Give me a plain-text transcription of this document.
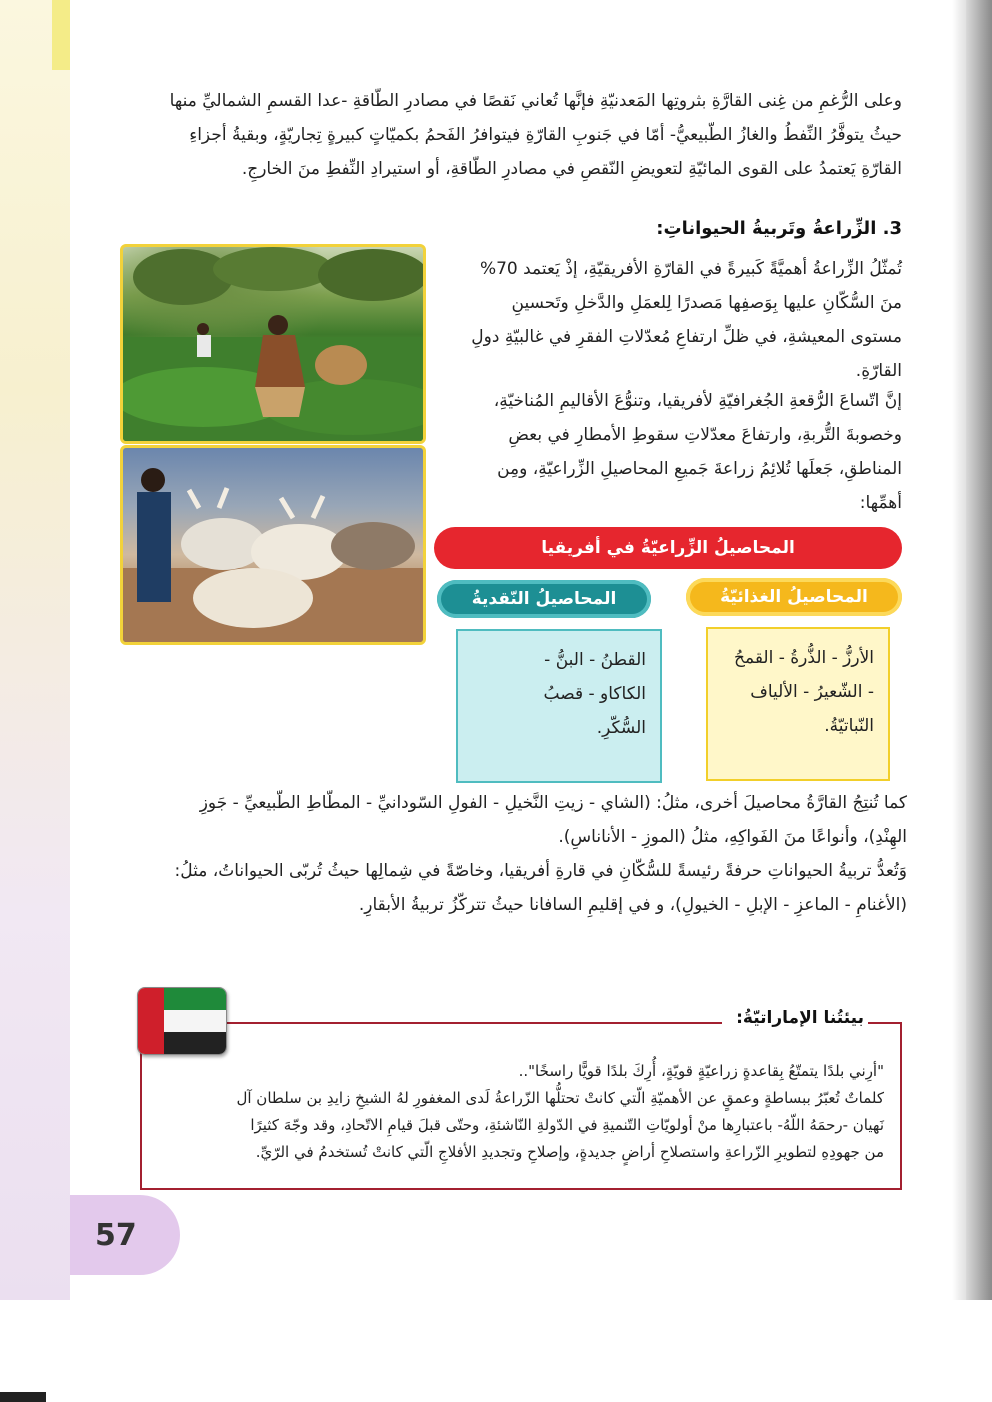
وعلى الرُّغمِ من غِنى القارَّةِ بثروتِها المَعدنيّةِ فإنَّها تُعاني نَقصًا في مصادرِ الطّاقةِ -عدا القسمِ الشماليِّ منها
حيثُ يتوفَّرُ النِّفطُ والغازُ الطّبيعيُّ- أمّا في جَنوبِ القارّةِ فيتوافرُ الفَحمُ بكميّاتٍ كبيرةٍ تِجاريّةٍ، وبقيةُ أجزاءِ
القارّةِ يَعتمدُ على القوى المائيّةِ لتعويضِ النّقصِ في مصادرِ الطّاقةِ، أو استيرادِ النِّفطِ منَ الخارجِ.
3. الزِّراعةُ وتَربيةُ الحيواناتِ:
تُمثّلُ الزِّراعةُ أهميَّةً كَبيرةً في القارّةِ الأفريقيّةِ، إذْ يَعتمد 70%
منَ السُّكّانِ عليها بِوَصفِها مَصدرًا لِلعمَلِ والدَّخلِ وتَحسينِ
مستوى المعيشةِ، في ظلِّ ارتفاعِ مُعدّلاتِ الفقرِ في غالبيّةِ دولِ
القارّةِ.
إنَّ اتّساعَ الرُّقعةِ الجُغرافيّةِ لأفريقيا، وتنوُّعَ الأقاليمِ المُناخيّةِ،
وخصوبةَ التُّربةِ، وارتفاعَ معدّلاتِ سقوطِ الأمطارِ في بعضِ
المناطقِ، جَعلَها تُلائِمُ زراعةَ جَميعِ المحاصيلِ الزِّراعيّةِ، ومِن
أهمِّها:
المحاصيلُ الزِّراعيّةُ في أفريقيا
المحاصيلُ النّقديةُ	المحاصيلُ الغذائيّةُ
القطنُ - البنُّ -
الكاكاو - قصبُ
السُّكّرِ.
الأرزُّ - الذُّرةُ - القمحُ
- الشّعيرُ - الألياف
النّباتيّةُ.
كما تُنتِجُ القارَّةُ محاصيلَ أخرى، مثلُ: (الشاي - زيتِ النَّخيلِ - الفولِ السّودانيِّ - المطّاطِ الطّبيعيِّ - جَوزِ
الهِنْدِ)، وأنواعًا منَ الفَواكِهِ، مثلُ (الموزِ - الأناناسِ).
وَتُعدُّ تربيةُ الحيواناتِ حرفةً رئيسةً للسُّكّانِ في قارةِ أفريقيا، وخاصّةً في شِمالِها حيثُ تُربّى الحيواناتُ، مثلُ:
(الأغنامِ - الماعزِ - الإبلِ - الخيولِ)، و في إقليمِ السافانا حيثُ تتركّزُ تربيةُ الأبقارِ.
بيئتُنا الإماراتيّةُ:
"أرِني بلدًا يتمتّعُ بِقاعدةٍ زراعيّةٍ قويّةٍ، أُرِكَ بلدًا قويًّا راسخًا"..
كلماتٌ تُعبّرُ ببساطةٍ وعمقٍ عن الأهميّةِ الّتي كانتْ تحتلُّها الزّراعةُ لَدى المغفورِ لهُ الشيخِ زايدِ بن سلطان آل
نَهيان -رحمَهُ اللّهُ- باعتبارِها منْ أولويّاتِ التّنميةِ في الدّولةِ النّاشئةِ، وحتّى قبلَ قيامِ الاتّحادِ، وقد وجّهَ كثيرًا
من جهودِهِ لتطويرِ الزّراعةِ واستصلاحِ أراضٍ جديدةٍ، وإصلاحِ وتجديدِ الأفلاجِ الّتي كانتْ تُستخدمُ في الرّيِّ.
57
